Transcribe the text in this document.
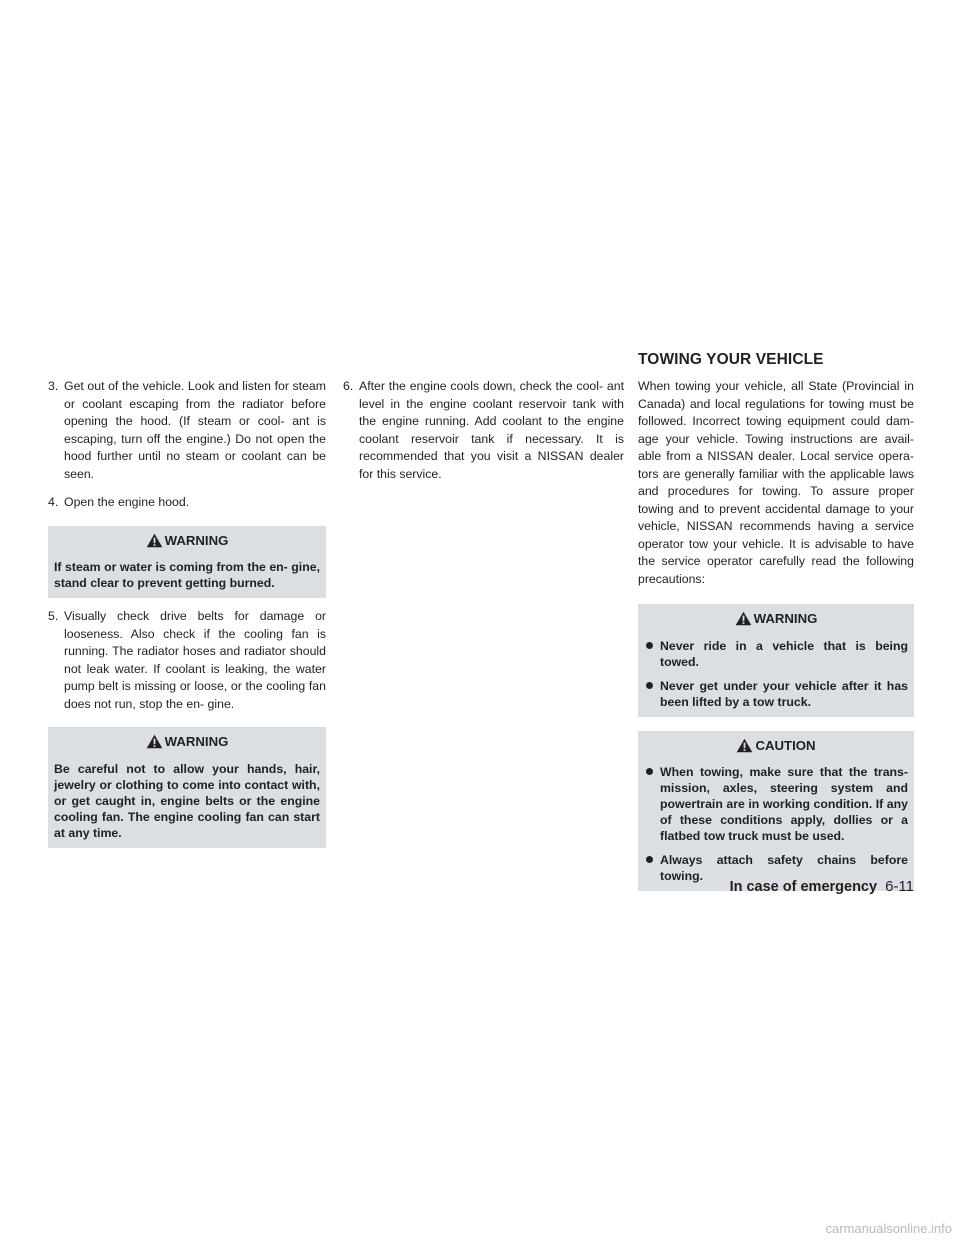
TOWING YOUR VEHICLE

3. Get out of the vehicle. Look and listen for steam or coolant escaping from the radiator before opening the hood. (If steam or cool- ant is escaping, turn off the engine.) Do not open the hood further until no steam or coolant can be seen.

4. Open the engine hood.

WARNING

If steam or water is coming from the en- gine, stand clear to prevent getting burned.

5. Visually check drive belts for damage or looseness. Also check if the cooling fan is running. The radiator hoses and radiator should not leak water. If coolant is leaking, the water pump belt is missing or loose, or the cooling fan does not run, stop the en- gine.

WARNING

Be careful not to allow your hands, hair, jewelry or clothing to come into contact with, or get caught in, engine belts or the engine cooling fan. The engine cooling fan can start at any time.

6. After the engine cools down, check the cool- ant level in the engine coolant reservoir tank with the engine running. Add coolant to the engine coolant reservoir tank if necessary. It is recommended that you visit a NISSAN dealer for this service.

When towing your vehicle, all State (Provincial in Canada) and local regulations for towing must be followed. Incorrect towing equipment could dam- age your vehicle. Towing instructions are avail- able from a NISSAN dealer. Local service opera- tors are generally familiar with the applicable laws and procedures for towing. To assure proper towing and to prevent accidental damage to your vehicle, NISSAN recommends having a service operator tow your vehicle. It is advisable to have the service operator carefully read the following precautions:

WARNING
Never ride in a vehicle that is being towed.
Never get under your vehicle after it has been lifted by a tow truck.
CAUTION
When towing, make sure that the trans- mission, axles, steering system and powertrain are in working condition. If any of these conditions apply, dollies or a flatbed tow truck must be used.
Always attach safety chains before towing.
In case of emergency 6-11
carmanualsonline.info
